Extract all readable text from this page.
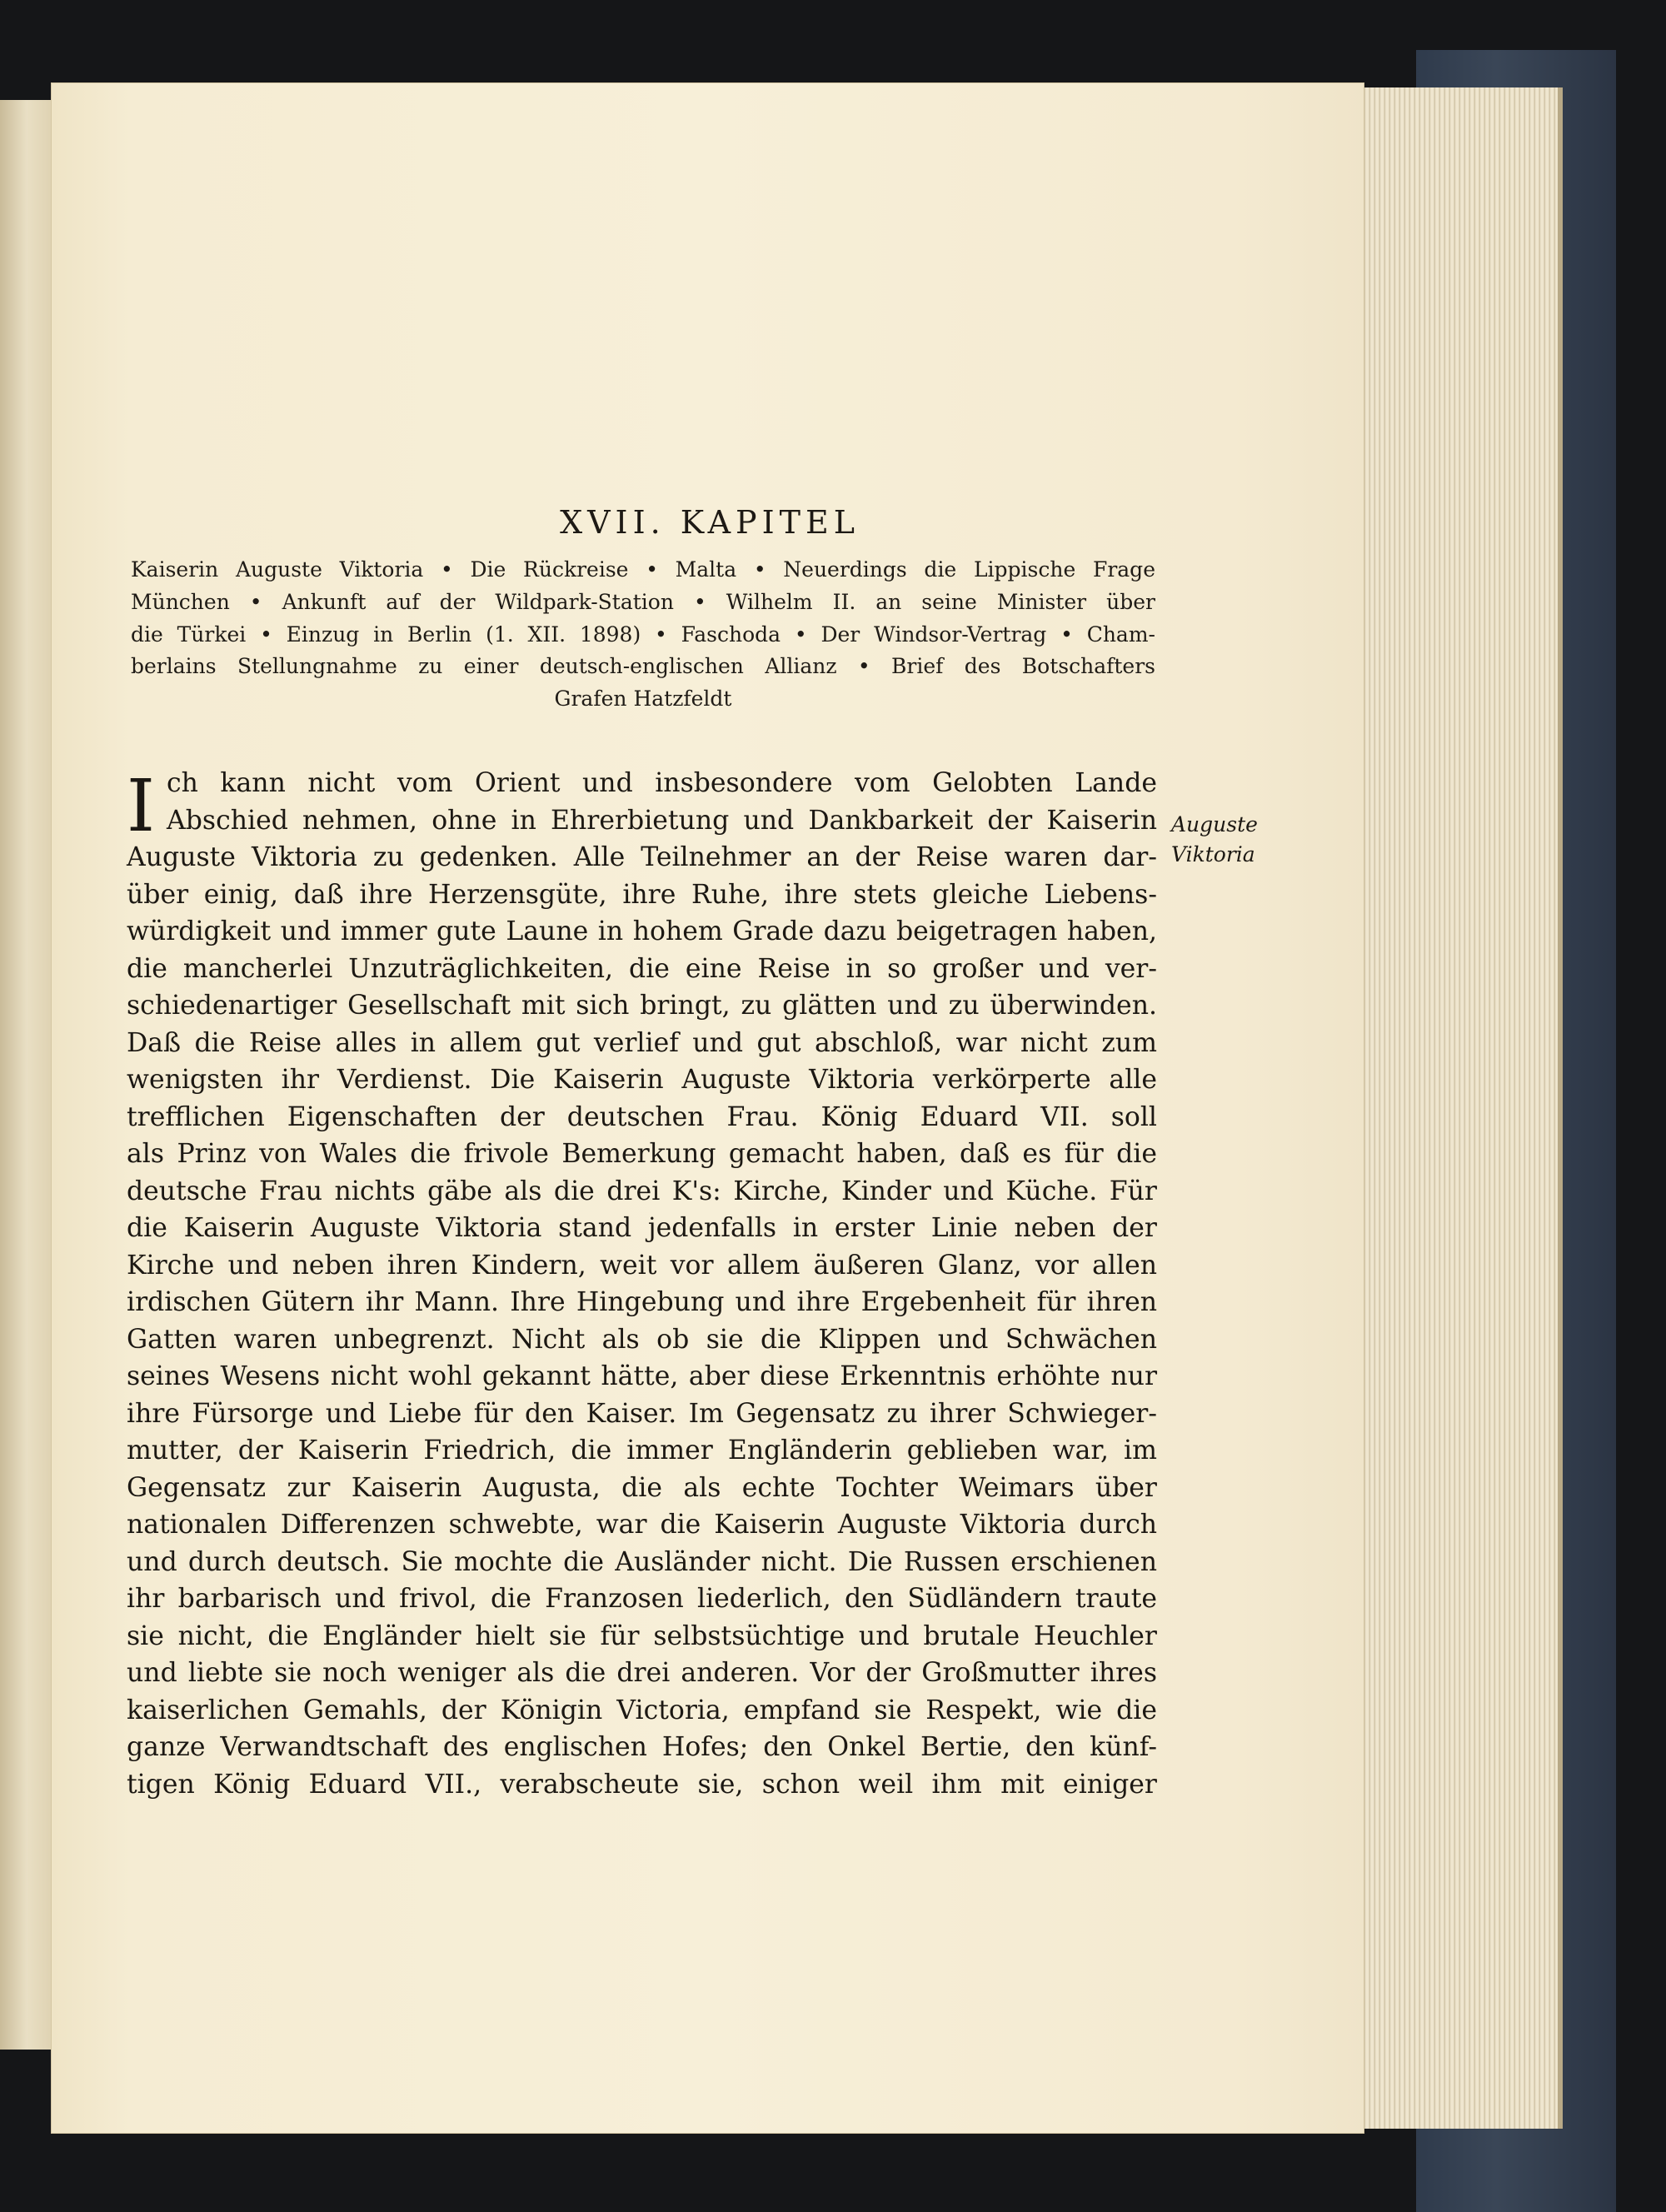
XVII. KAPITEL
Kaiserin Auguste Viktoria • Die Rückreise • Malta • Neuerdings die Lippische Frage
München • Ankunft auf der Wildpark-Station • Wilhelm II. an seine Minister über
die Türkei • Einzug in Berlin (1. XII. 1898) • Faschoda • Der Windsor-Vertrag • Cham-
berlains Stellungnahme zu einer deutsch-englischen Allianz • Brief des Botschafters
Grafen Hatzfeldt
I ch kann nicht vom Orient und insbesondere vom Gelobten Lande
Abschied nehmen, ohne in Ehrerbietung und Dankbarkeit der Kaiserin
Auguste Viktoria zu gedenken. Alle Teilnehmer an der Reise waren dar-
über einig, daß ihre Herzensgüte, ihre Ruhe, ihre stets gleiche Liebens-
würdigkeit und immer gute Laune in hohem Grade dazu beigetragen haben,
die mancherlei Unzuträglichkeiten, die eine Reise in so großer und ver-
schiedenartiger Gesellschaft mit sich bringt, zu glätten und zu überwinden.
Daß die Reise alles in allem gut verlief und gut abschloß, war nicht zum
wenigsten ihr Verdienst. Die Kaiserin Auguste Viktoria verkörperte alle
trefflichen Eigenschaften der deutschen Frau. König Eduard VII. soll
als Prinz von Wales die frivole Bemerkung gemacht haben, daß es für die
deutsche Frau nichts gäbe als die drei K's: Kirche, Kinder und Küche. Für
die Kaiserin Auguste Viktoria stand jedenfalls in erster Linie neben der
Kirche und neben ihren Kindern, weit vor allem äußeren Glanz, vor allen
irdischen Gütern ihr Mann. Ihre Hingebung und ihre Ergebenheit für ihren
Gatten waren unbegrenzt. Nicht als ob sie die Klippen und Schwächen
seines Wesens nicht wohl gekannt hätte, aber diese Erkenntnis erhöhte nur
ihre Fürsorge und Liebe für den Kaiser. Im Gegensatz zu ihrer Schwieger-
mutter, der Kaiserin Friedrich, die immer Engländerin geblieben war, im
Gegensatz zur Kaiserin Augusta, die als echte Tochter Weimars über
nationalen Differenzen schwebte, war die Kaiserin Auguste Viktoria durch
und durch deutsch. Sie mochte die Ausländer nicht. Die Russen erschienen
ihr barbarisch und frivol, die Franzosen liederlich, den Südländern traute
sie nicht, die Engländer hielt sie für selbstsüchtige und brutale Heuchler
und liebte sie noch weniger als die drei anderen. Vor der Großmutter ihres
kaiserlichen Gemahls, der Königin Victoria, empfand sie Respekt, wie die
ganze Verwandtschaft des englischen Hofes; den Onkel Bertie, den künf-
tigen König Eduard VII., verabscheute sie, schon weil ihm mit einiger
Auguste
Viktoria
